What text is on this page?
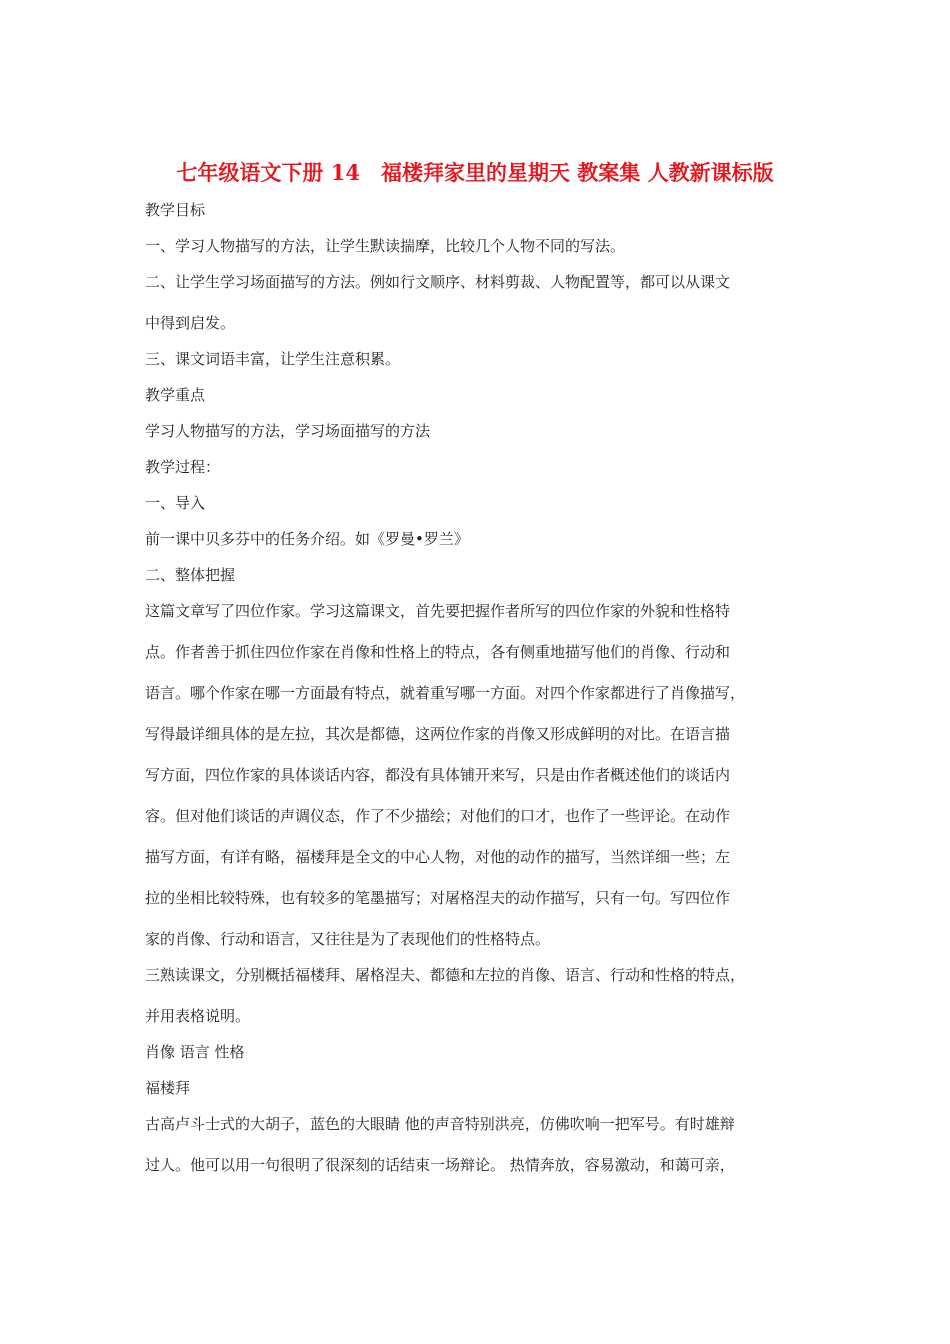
七年级语文下册 14　福楼拜家里的星期天 教案集 人教新课标版

教学目标

一、学习人物描写的方法，让学生默读揣摩，比较几个人物不同的写法。

二、让学生学习场面描写的方法。例如行文顺序、材料剪裁、人物配置等，都可以从课文

中得到启发。

三、课文词语丰富，让学生注意积累。

教学重点

学习人物描写的方法，学习场面描写的方法

教学过程：

一、导入

前一课中贝多芬中的任务介绍。如《罗曼•罗兰》

二、整体把握

这篇文章写了四位作家。学习这篇课文，首先要把握作者所写的四位作家的外貌和性格特

点。作者善于抓住四位作家在肖像和性格上的特点，各有侧重地描写他们的肖像、行动和

语言。哪个作家在哪一方面最有特点，就着重写哪一方面。对四个作家都进行了肖像描写，

写得最详细具体的是左拉，其次是都德，这两位作家的肖像又形成鲜明的对比。在语言描

写方面，四位作家的具体谈话内容，都没有具体铺开来写，只是由作者概述他们的谈话内

容。但对他们谈话的声调仪态，作了不少描绘；对他们的口才，也作了一些评论。在动作

描写方面，有详有略，福楼拜是全文的中心人物，对他的动作的描写，当然详细一些；左

拉的坐相比较特殊，也有较多的笔墨描写；对屠格涅夫的动作描写，只有一句。写四位作

家的肖像、行动和语言，又往往是为了表现他们的性格特点。

三熟读课文，分别概括福楼拜、屠格涅夫、都德和左拉的肖像、语言、行动和性格的特点，

并用表格说明。

肖像 语言 性格

福楼拜

古高卢斗士式的大胡子，蓝色的大眼睛 他的声音特别洪亮，仿佛吹响一把军号。有时雄辩

过人。他可以用一句很明了很深刻的话结束一场辩论。 热情奔放，容易激动，和蔼可亲，
